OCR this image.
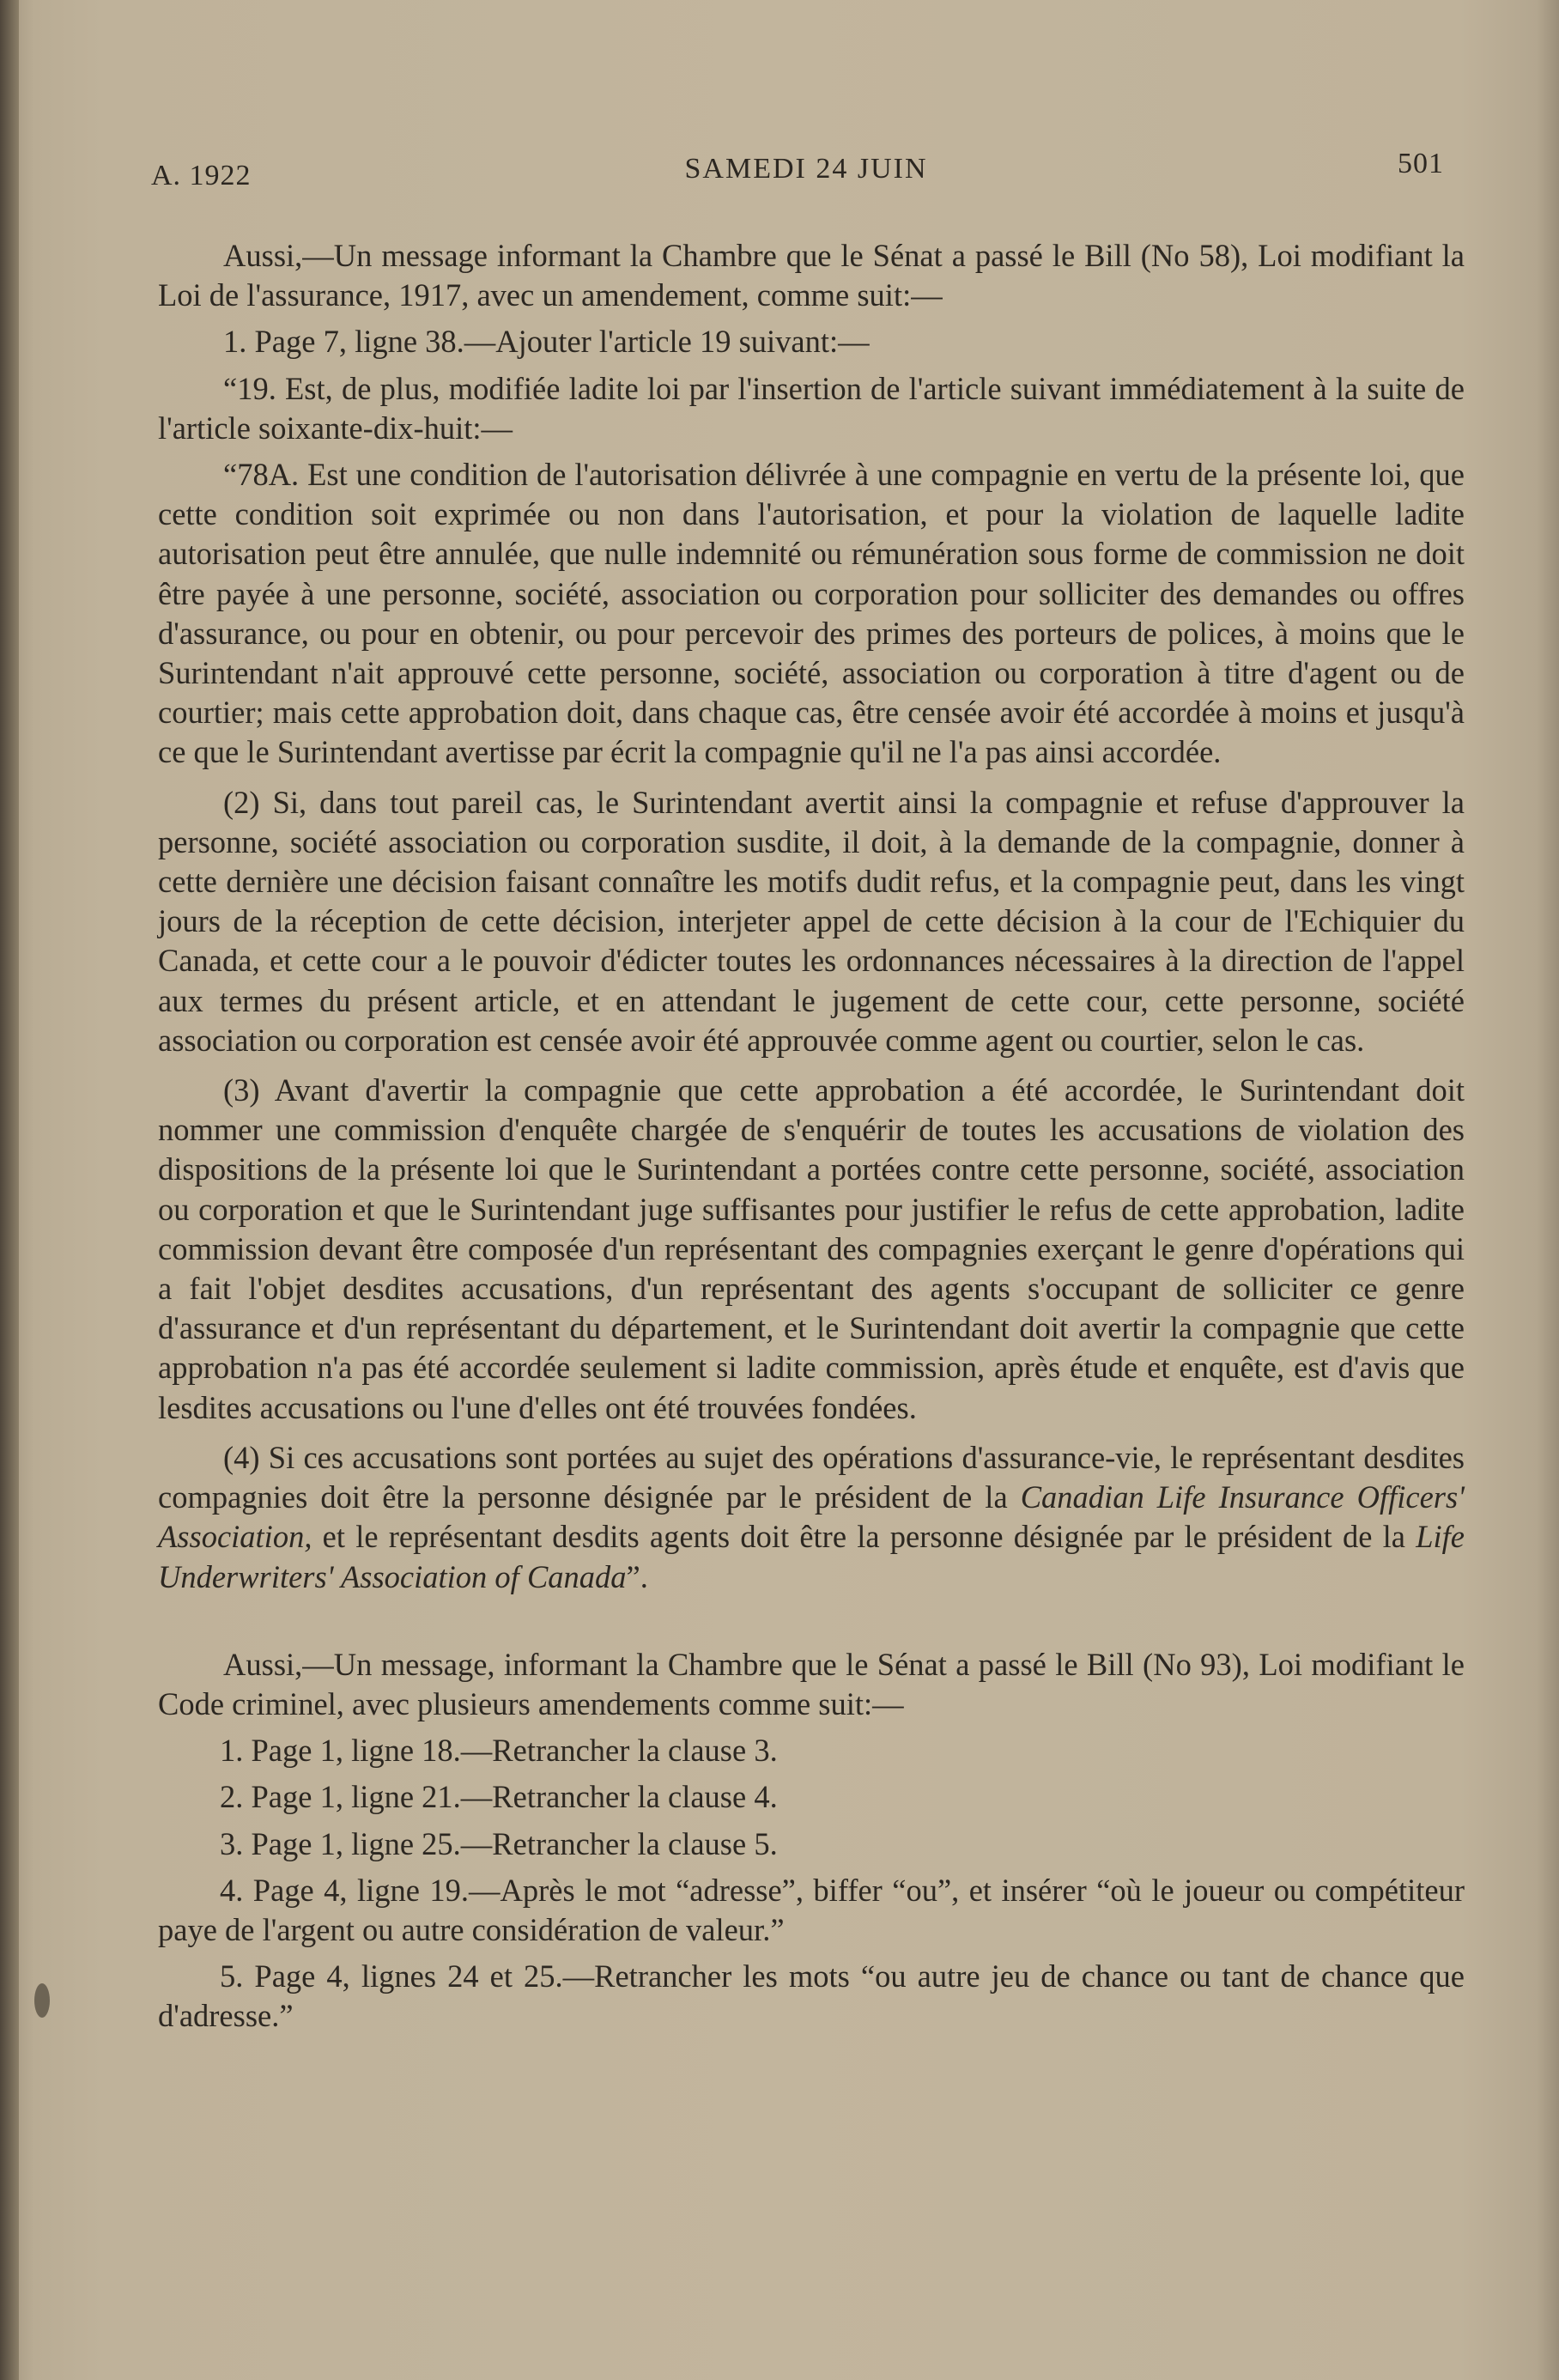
A. 1922	SAMEDI 24 JUIN	501

Aussi,—Un message informant la Chambre que le Sénat a passé le Bill (No 58), Loi modifiant la Loi de l'assurance, 1917, avec un amendement, comme suit:—

1. Page 7, ligne 38.—Ajouter l'article 19 suivant:—

“19. Est, de plus, modifiée ladite loi par l'insertion de l'article suivant immédiatement à la suite de l'article soixante-dix-huit:—

“78A. Est une condition de l'autorisation délivrée à une compagnie en vertu de la présente loi, que cette condition soit exprimée ou non dans l'autorisation, et pour la violation de laquelle ladite autorisation peut être annulée, que nulle indemnité ou rémunération sous forme de commission ne doit être payée à une personne, société, association ou corporation pour solliciter des demandes ou offres d'assurance, ou pour en obtenir, ou pour percevoir des primes des porteurs de polices, à moins que le Surintendant n'ait approuvé cette personne, société, association ou corporation à titre d'agent ou de courtier; mais cette approbation doit, dans chaque cas, être censée avoir été accordée à moins et jusqu'à ce que le Surintendant avertisse par écrit la compagnie qu'il ne l'a pas ainsi accordée.

(2) Si, dans tout pareil cas, le Surintendant avertit ainsi la compagnie et refuse d'approuver la personne, société association ou corporation susdite, il doit, à la demande de la compagnie, donner à cette dernière une décision faisant connaître les motifs dudit refus, et la compagnie peut, dans les vingt jours de la réception de cette décision, interjeter appel de cette décision à la cour de l'Echiquier du Canada, et cette cour a le pouvoir d'édicter toutes les ordonnances nécessaires à la direction de l'appel aux termes du présent article, et en attendant le jugement de cette cour, cette personne, société association ou corporation est censée avoir été approuvée comme agent ou courtier, selon le cas.

(3) Avant d'avertir la compagnie que cette approbation a été accordée, le Surintendant doit nommer une commission d'enquête chargée de s'enquérir de toutes les accusations de violation des dispositions de la présente loi que le Surintendant a portées contre cette personne, société, association ou corporation et que le Surintendant juge suffisantes pour justifier le refus de cette approbation, ladite commission devant être composée d'un représentant des compagnies exerçant le genre d'opérations qui a fait l'objet desdites accusations, d'un représentant des agents s'occupant de solliciter ce genre d'assurance et d'un représentant du département, et le Surintendant doit avertir la compagnie que cette approbation n'a pas été accordée seulement si ladite commission, après étude et enquête, est d'avis que lesdites accusations ou l'une d'elles ont été trouvées fondées.

(4) Si ces accusations sont portées au sujet des opérations d'assurance-vie, le représentant desdites compagnies doit être la personne désignée par le président de la Canadian Life Insurance Officers' Association, et le représentant desdits agents doit être la personne désignée par le président de la Life Underwriters' Association of Canada”.

Aussi,—Un message, informant la Chambre que le Sénat a passé le Bill (No 93), Loi modifiant le Code criminel, avec plusieurs amendements comme suit:—

1. Page 1, ligne 18.—Retrancher la clause 3.

2. Page 1, ligne 21.—Retrancher la clause 4.

3. Page 1, ligne 25.—Retrancher la clause 5.

4. Page 4, ligne 19.—Après le mot “adresse”, biffer “ou”, et insérer “où le joueur ou compétiteur paye de l'argent ou autre considération de valeur.”

5. Page 4, lignes 24 et 25.—Retrancher les mots “ou autre jeu de chance ou tant de chance que d'adresse.”
